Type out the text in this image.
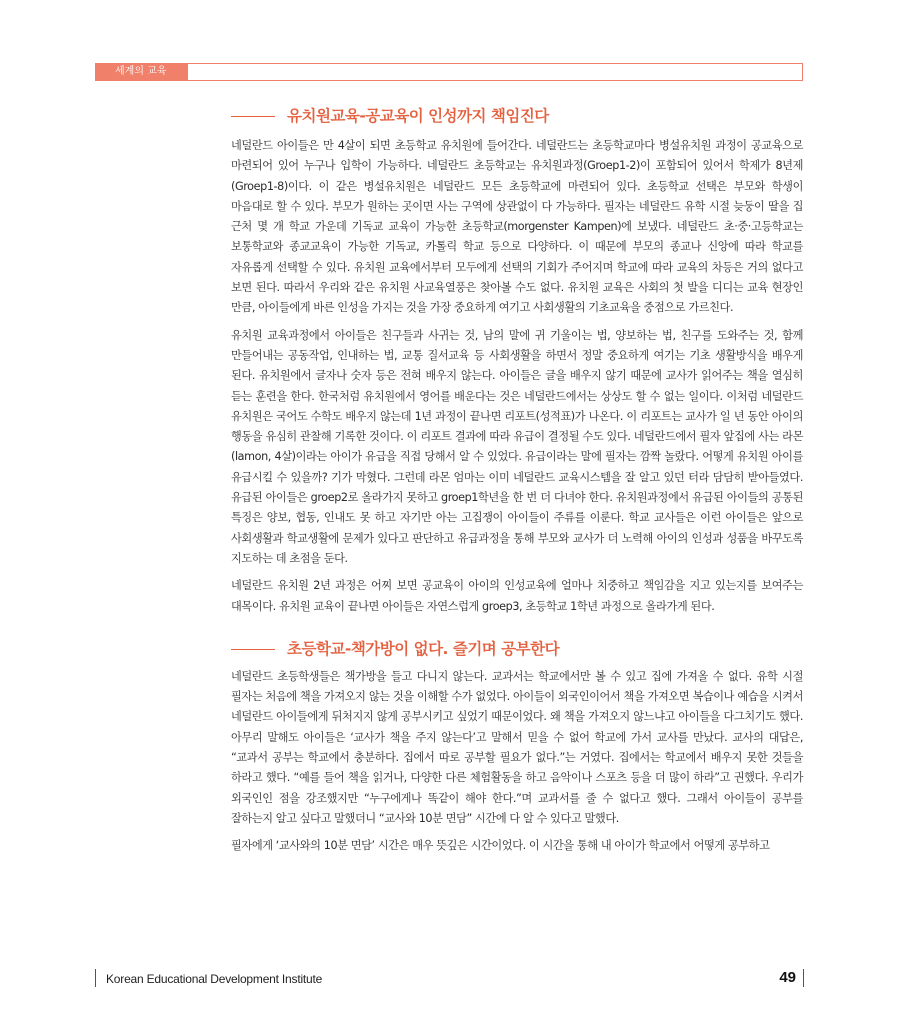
세계의 교육
유치원교육-공교육이 인성까지 책임진다

네덜란드 아이들은 만 4살이 되면 초등학교 유치원에 들어간다. 네덜란드는 초등학교마다 병설유치원 과정이 공교육으로 마련되어 있어 누구나 입학이 가능하다. 네덜란드 초등학교는 유치원과정(Groep1-2)이 포함되어 있어서 학제가 8년제(Groep1-8)이다. 이 같은 병설유치원은 네덜란드 모든 초등학교에 마련되어 있다. 초등학교 선택은 부모와 학생이 마음대로 할 수 있다. 부모가 원하는 곳이면 사는 구역에 상관없이 다 가능하다. 필자는 네덜란드 유학 시절 늦둥이 딸을 집 근처 몇 개 학교 가운데 기독교 교육이 가능한 초등학교(morgenster Kampen)에 보냈다. 네덜란드 초·중·고등학교는 보통학교와 종교교육이 가능한 기독교, 카톨릭 학교 등으로 다양하다. 이 때문에 부모의 종교나 신앙에 따라 학교를 자유롭게 선택할 수 있다. 유치원 교육에서부터 모두에게 선택의 기회가 주어지며 학교에 따라 교육의 차등은 거의 없다고 보면 된다. 따라서 우리와 같은 유치원 사교육열풍은 찾아볼 수도 없다. 유치원 교육은 사회의 첫 발을 디디는 교육 현장인 만큼, 아이들에게 바른 인성을 가지는 것을 가장 중요하게 여기고 사회생활의 기초교육을 중점으로 가르친다.

유치원 교육과정에서 아이들은 친구들과 사귀는 것, 남의 말에 귀 기울이는 법, 양보하는 법, 친구를 도와주는 것, 함께 만들어내는 공동작업, 인내하는 법, 교통 질서교육 등 사회생활을 하면서 정말 중요하게 여기는 기초 생활방식을 배우게 된다. 유치원에서 글자나 숫자 등은 전혀 배우지 않는다. 아이들은 글을 배우지 않기 때문에 교사가 읽어주는 책을 열심히 듣는 훈련을 한다. 한국처럼 유치원에서 영어를 배운다는 것은 네덜란드에서는 상상도 할 수 없는 일이다. 이처럼 네덜란드 유치원은 국어도 수학도 배우지 않는데 1년 과정이 끝나면 리포트(성적표)가 나온다. 이 리포트는 교사가 일 년 동안 아이의 행동을 유심히 관찰해 기록한 것이다. 이 리포트 결과에 따라 유급이 결정될 수도 있다. 네덜란드에서 필자 앞집에 사는 라몬(lamon, 4살)이라는 아이가 유급을 직접 당해서 알 수 있었다. 유급이라는 말에 필자는 깜짝 놀랐다. 어떻게 유치원 아이를 유급시킬 수 있을까? 기가 막혔다. 그런데 라몬 엄마는 이미 네덜란드 교육시스템을 잘 알고 있던 터라 담담히 받아들였다. 유급된 아이들은 groep2로 올라가지 못하고 groep1학년을 한 번 더 다녀야 한다. 유치원과정에서 유급된 아이들의 공통된 특징은 양보, 협동, 인내도 못 하고 자기만 아는 고집쟁이 아이들이 주류를 이룬다. 학교 교사들은 이런 아이들은 앞으로 사회생활과 학교생활에 문제가 있다고 판단하고 유급과정을 통해 부모와 교사가 더 노력해 아이의 인성과 성품을 바꾸도록 지도하는 데 초점을 둔다.

네덜란드 유치원 2년 과정은 어찌 보면 공교육이 아이의 인성교육에 얼마나 치중하고 책임감을 지고 있는지를 보여주는 대목이다. 유치원 교육이 끝나면 아이들은 자연스럽게 groep3, 초등학교 1학년 과정으로 올라가게 된다.

초등학교-책가방이 없다. 즐기며 공부한다

네덜란드 초등학생들은 책가방을 들고 다니지 않는다. 교과서는 학교에서만 볼 수 있고 집에 가져올 수 없다. 유학 시절 필자는 처음에 책을 가져오지 않는 것을 이해할 수가 없었다. 아이들이 외국인이어서 책을 가져오면 복습이나 예습을 시켜서 네덜란드 아이들에게 뒤처지지 않게 공부시키고 싶었기 때문이었다. 왜 책을 가져오지 않느냐고 아이들을 다그치기도 했다. 아무리 말해도 아이들은 ‘교사가 책을 주지 않는다’고 말해서 믿을 수 없어 학교에 가서 교사를 만났다. 교사의 대답은, “교과서 공부는 학교에서 충분하다. 집에서 따로 공부할 필요가 없다.”는 거였다. 집에서는 학교에서 배우지 못한 것들을 하라고 했다. “예를 들어 책을 읽거나, 다양한 다른 체험활동을 하고 음악이나 스포츠 등을 더 많이 하라”고 권했다. 우리가 외국인인 점을 강조했지만 “누구에게나 똑같이 해야 한다.”며 교과서를 줄 수 없다고 했다. 그래서 아이들이 공부를 잘하는지 알고 싶다고 말했더니 “교사와 10분 면담” 시간에 다 알 수 있다고 말했다.

필자에게 ‘교사와의 10분 면담’ 시간은 매우 뜻깊은 시간이었다. 이 시간을 통해 내 아이가 학교에서 어떻게 공부하고

Korean Educational Development Institute	49
